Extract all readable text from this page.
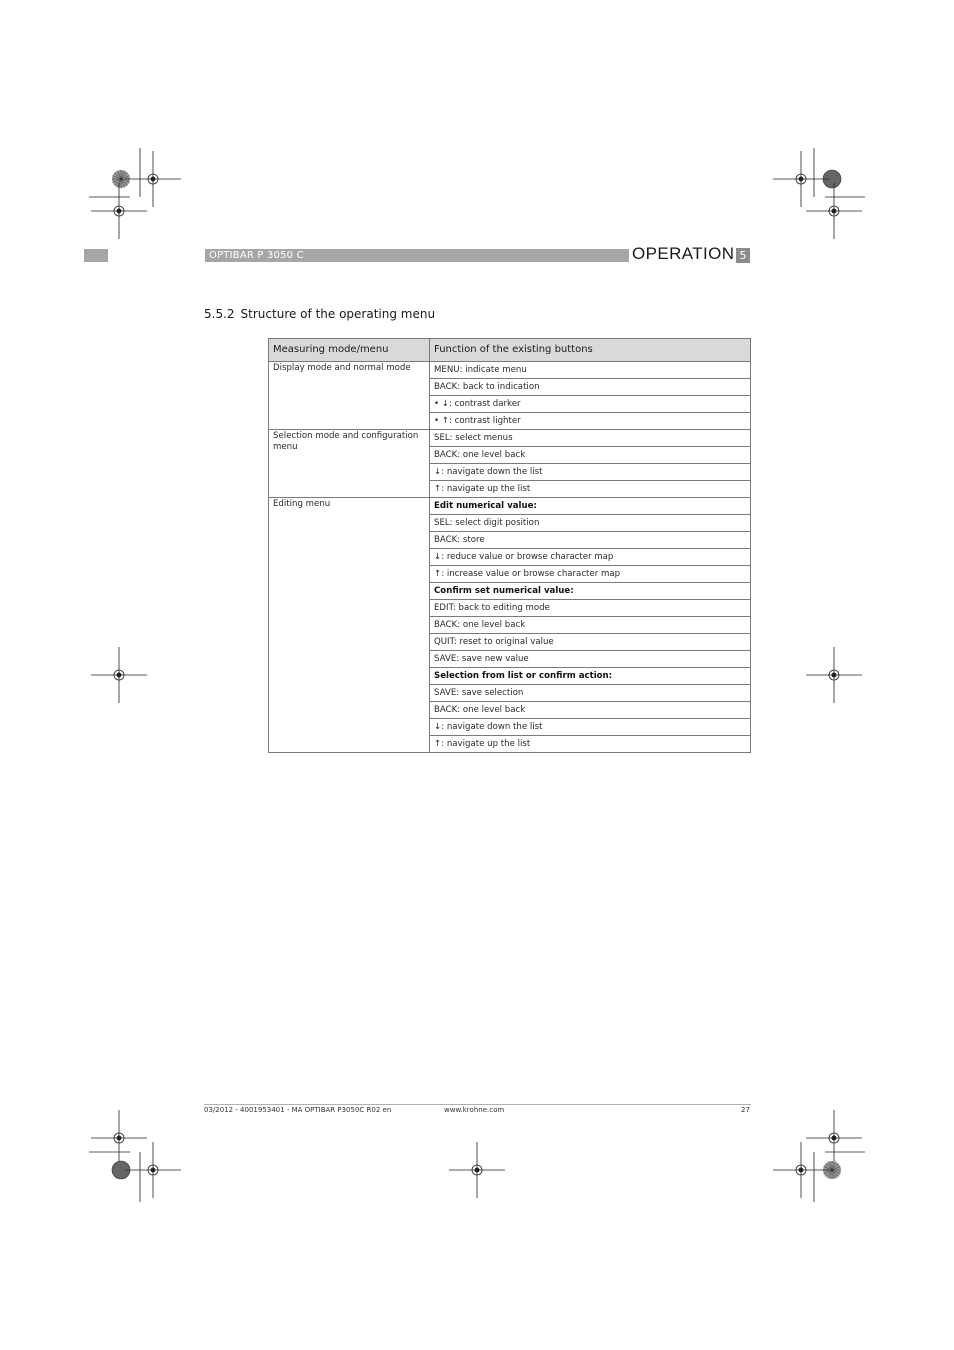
OPTIBAR P 3050 C	OPERATION 5
5.5.2 Structure of the operating menu
Measuring mode/menu	Function of the existing buttons
Display mode and normal mode	MENU: indicate menu
	BACK: back to indication
	• ↓: contrast darker
	• ↑: contrast lighter
Selection mode and configuration menu	SEL: select menus
	BACK: one level back
	↓: navigate down the list
	↑: navigate up the list
Editing menu	Edit numerical value:
	SEL: select digit position
	BACK: store
	↓: reduce value or browse character map
	↑: increase value or browse character map
	Confirm set numerical value:
	EDIT: back to editing mode
	BACK: one level back
	QUIT: reset to original value
	SAVE: save new value
	Selection from list or confirm action:
	SAVE: save selection
	BACK: one level back
	↓: navigate down the list
	↑: navigate up the list
03/2012 - 4001953401 - MA OPTIBAR P3050C R02 en	www.krohne.com	27
